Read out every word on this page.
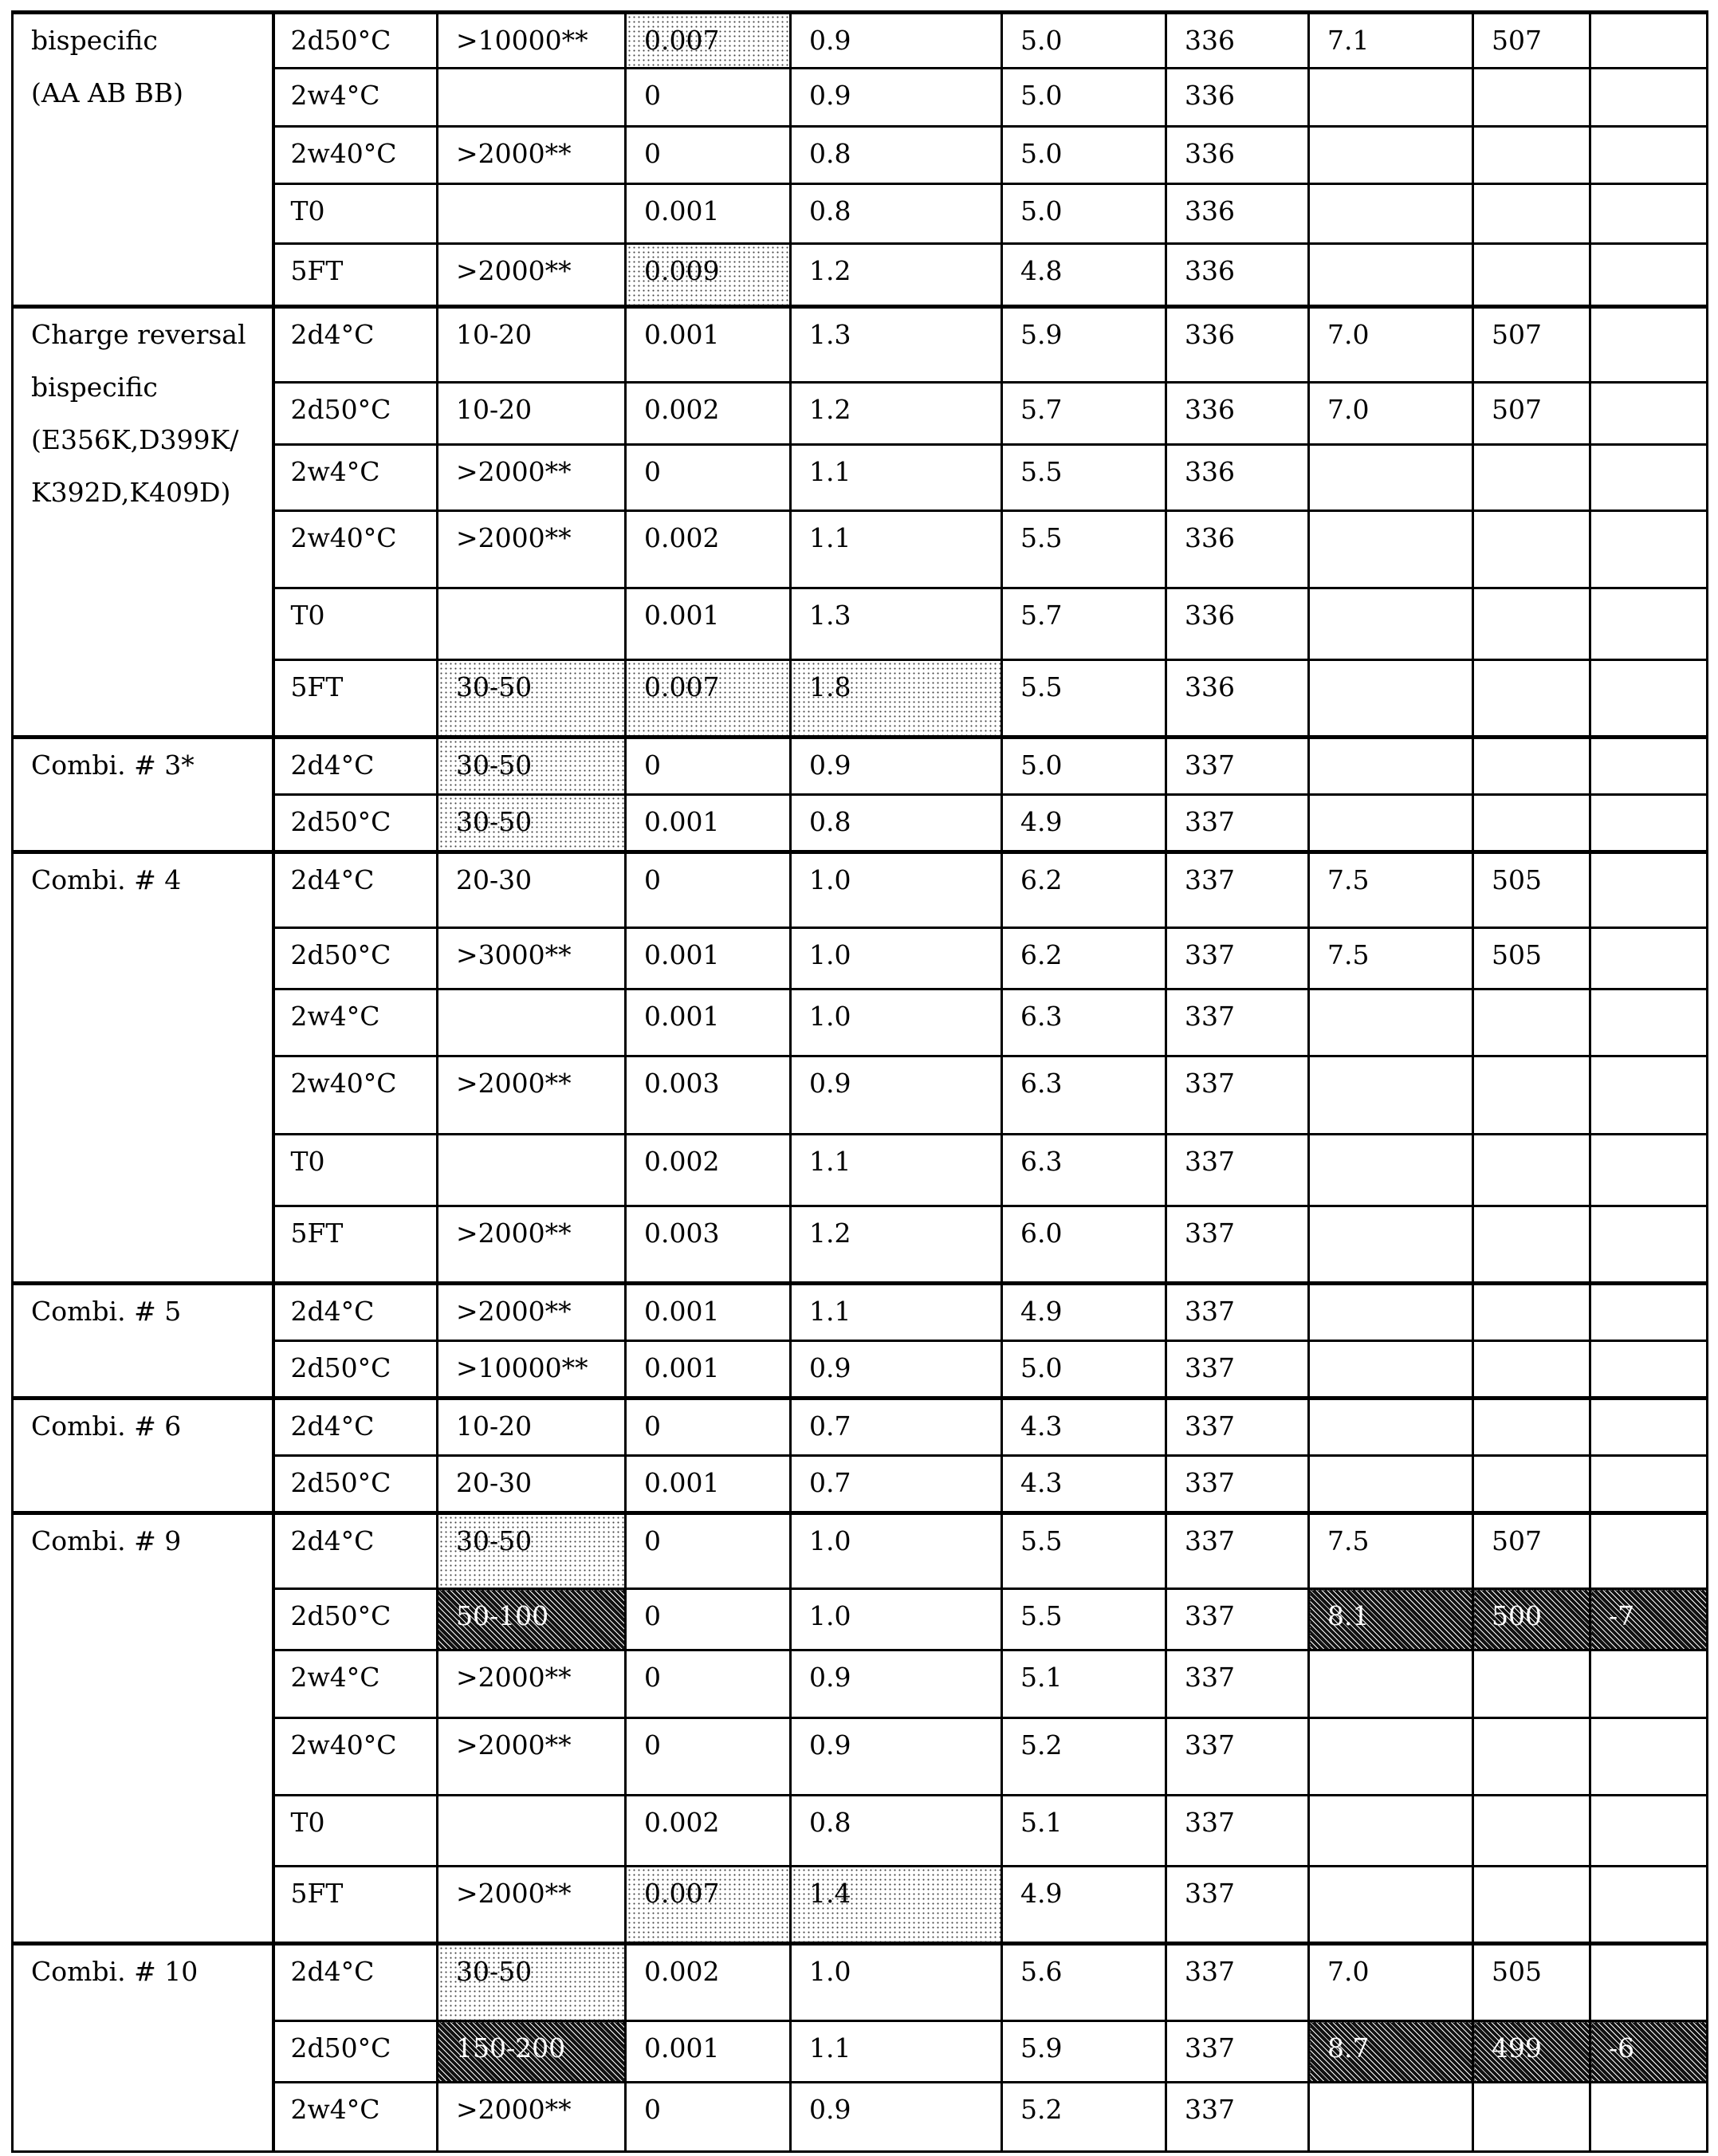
bispecific
(AA AB BB)	2d50°C	>10000**	0.007	0.9	5.0	336	7.1	507	
	2w4°C		0	0.9	5.0	336			
	2w40°C	>2000**	0	0.8	5.0	336			
	T0		0.001	0.8	5.0	336			
	5FT	>2000**	0.009	1.2	4.8	336			

Charge reversal
bispecific
(E356K,D399K/
K392D,K409D)	2d4°C	10-20	0.001	1.3	5.9	336	7.0	507	
	2d50°C	10-20	0.002	1.2	5.7	336	7.0	507	
	2w4°C	>2000**	0	1.1	5.5	336			
	2w40°C	>2000**	0.002	1.1	5.5	336			
	T0		0.001	1.3	5.7	336			
	5FT	30-50	0.007	1.8	5.5	336			

Combi. # 3*	2d4°C	30-50	0	0.9	5.0	337			
	2d50°C	30-50	0.001	0.8	4.9	337			

Combi. # 4	2d4°C	20-30	0	1.0	6.2	337	7.5	505	
	2d50°C	>3000**	0.001	1.0	6.2	337	7.5	505	
	2w4°C		0.001	1.0	6.3	337			
	2w40°C	>2000**	0.003	0.9	6.3	337			
	T0		0.002	1.1	6.3	337			
	5FT	>2000**	0.003	1.2	6.0	337			

Combi. # 5	2d4°C	>2000**	0.001	1.1	4.9	337			
	2d50°C	>10000**	0.001	0.9	5.0	337			

Combi. # 6	2d4°C	10-20	0	0.7	4.3	337			
	2d50°C	20-30	0.001	0.7	4.3	337			

Combi. # 9	2d4°C	30-50	0	1.0	5.5	337	7.5	507	
	2d50°C	50-100	0	1.0	5.5	337	8.1	500	-7
	2w4°C	>2000**	0	0.9	5.1	337			
	2w40°C	>2000**	0	0.9	5.2	337			
	T0		0.002	0.8	5.1	337			
	5FT	>2000**	0.007	1.4	4.9	337			

Combi. # 10	2d4°C	30-50	0.002	1.0	5.6	337	7.0	505	
	2d50°C	150-200	0.001	1.1	5.9	337	8.7	499	-6
	2w4°C	>2000**	0	0.9	5.2	337			
